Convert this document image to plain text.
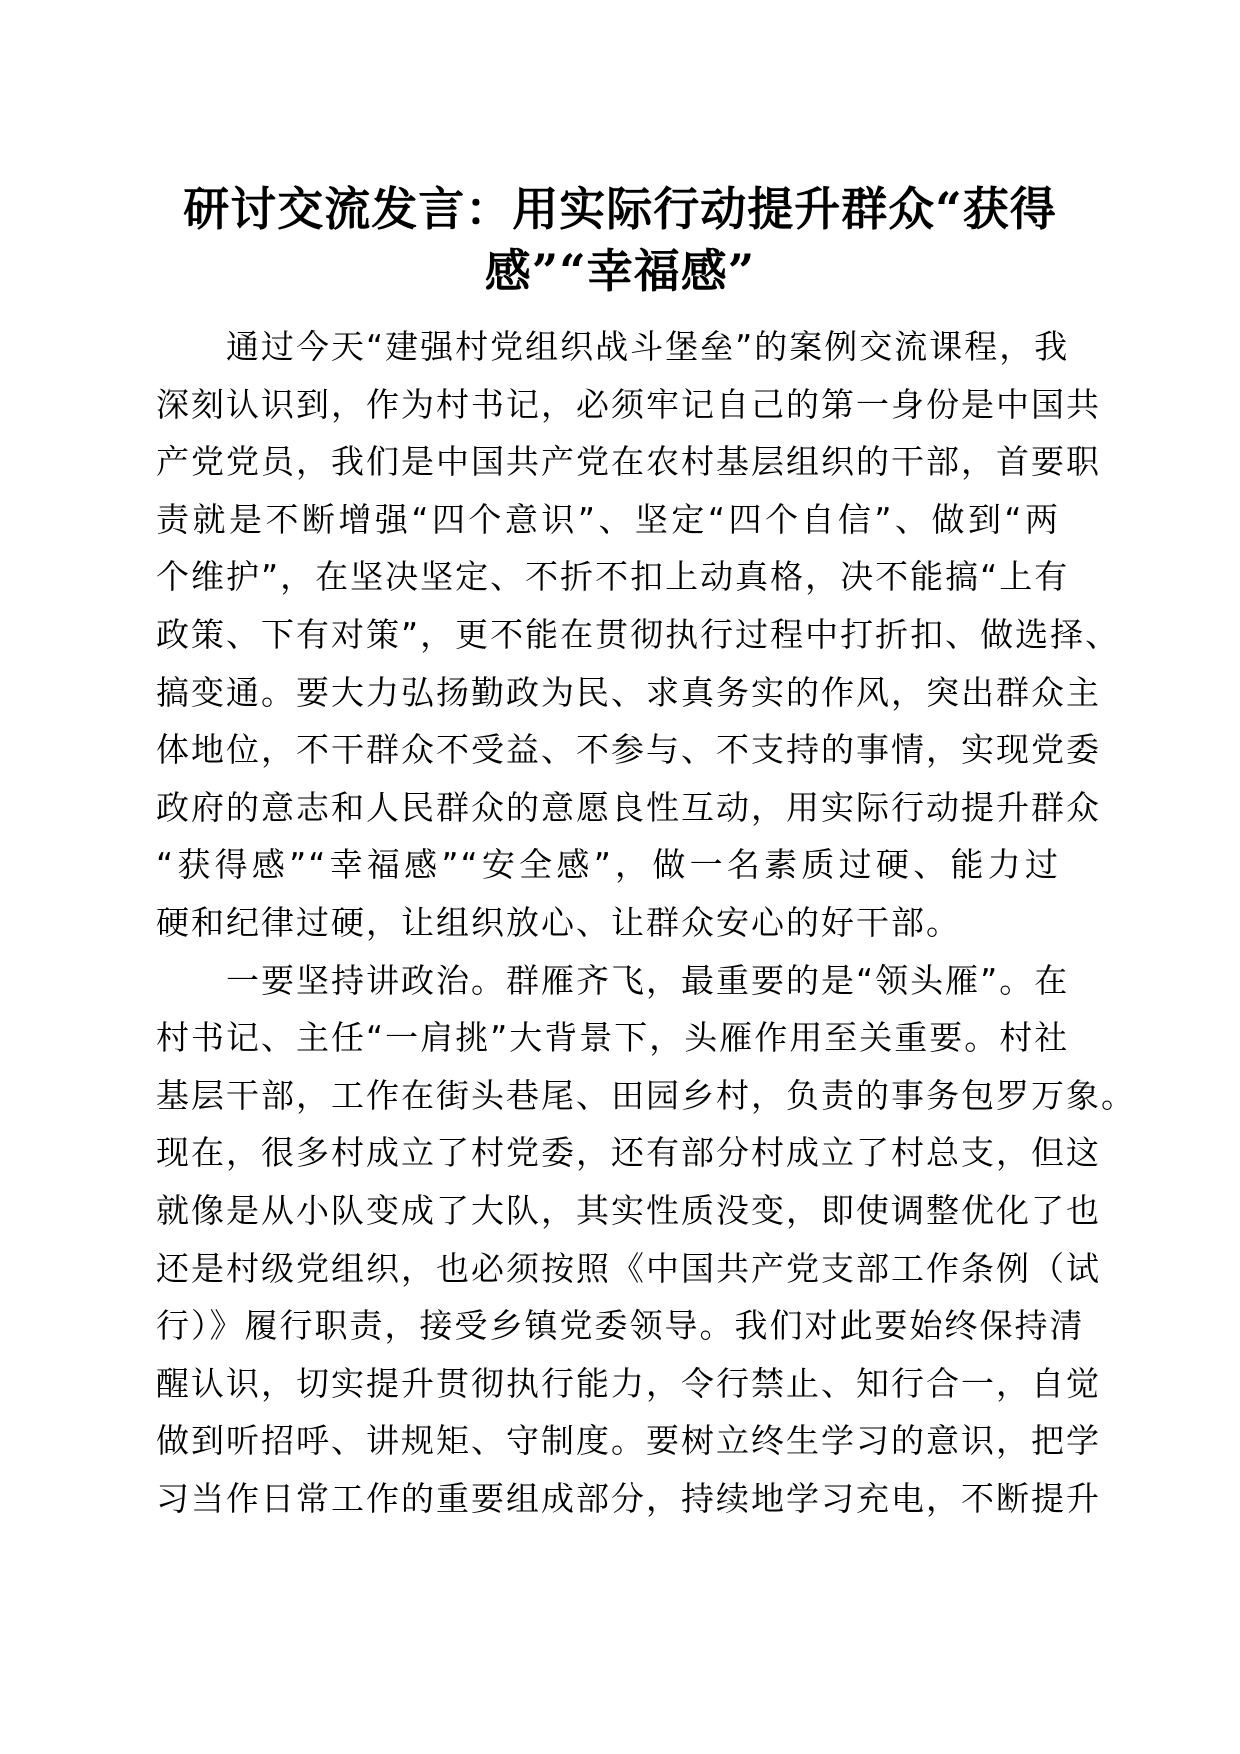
研讨交流发言：用实际行动提升群众“获得
感”“幸福感”
通过今天“建强村党组织战斗堡垒”的案例交流课程，我
深刻认识到，作为村书记，必须牢记自己的第一身份是中国共
产党党员，我们是中国共产党在农村基层组织的干部，首要职
责就是不断增强“四个意识”、坚定“四个自信”、做到“两
个维护”，在坚决坚定、不折不扣上动真格，决不能搞“上有
政策、下有对策”，更不能在贯彻执行过程中打折扣、做选择、
搞变通。要大力弘扬勤政为民、求真务实的作风，突出群众主
体地位，不干群众不受益、不参与、不支持的事情，实现党委
政府的意志和人民群众的意愿良性互动，用实际行动提升群众
“获得感”“幸福感”“安全感”，做一名素质过硬、能力过
硬和纪律过硬，让组织放心、让群众安心的好干部。
一要坚持讲政治。群雁齐飞，最重要的是“领头雁”。在
村书记、主任“一肩挑”大背景下，头雁作用至关重要。村社
基层干部，工作在街头巷尾、田园乡村，负责的事务包罗万象。
现在，很多村成立了村党委，还有部分村成立了村总支，但这
就像是从小队变成了大队，其实性质没变，即使调整优化了也
还是村级党组织，也必须按照《中国共产党支部工作条例（试
行）》履行职责，接受乡镇党委领导。我们对此要始终保持清
醒认识，切实提升贯彻执行能力，令行禁止、知行合一，自觉
做到听招呼、讲规矩、守制度。要树立终生学习的意识，把学
习当作日常工作的重要组成部分，持续地学习充电，不断提升
